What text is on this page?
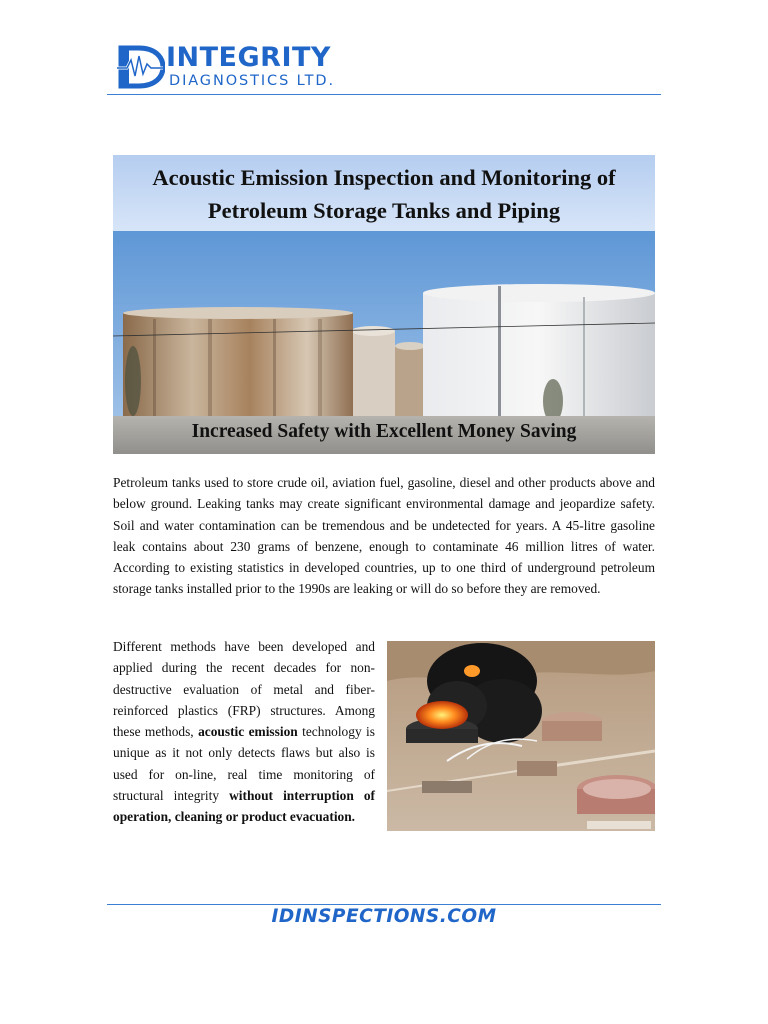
INTEGRITY
DIAGNOSTICS LTD.
Acoustic Emission Inspection and Monitoring of Petroleum Storage Tanks and Piping
Increased Safety with Excellent Money Saving
Petroleum tanks used to store crude oil, aviation fuel, gasoline, diesel and other products above and below ground. Leaking tanks may create significant environmental damage and jeopardize safety. Soil and water contamination can be tremendous and be undetected for years. A 45-litre gasoline leak contains about 230 grams of benzene, enough to contaminate 46 million litres of water. According to existing statistics in developed countries, up to one third of underground petroleum storage tanks installed prior to the 1990s are leaking or will do so before they are removed.
Different methods have been developed and applied during the recent decades for non-destructive evaluation of metal and fiber-reinforced plastics (FRP) structures. Among these methods, acoustic emission technology is unique as it not only detects flaws but also is used for on-line, real time monitoring of structural integrity without interruption of operation, cleaning or product evacuation.
IDINSPECTIONS.COM
